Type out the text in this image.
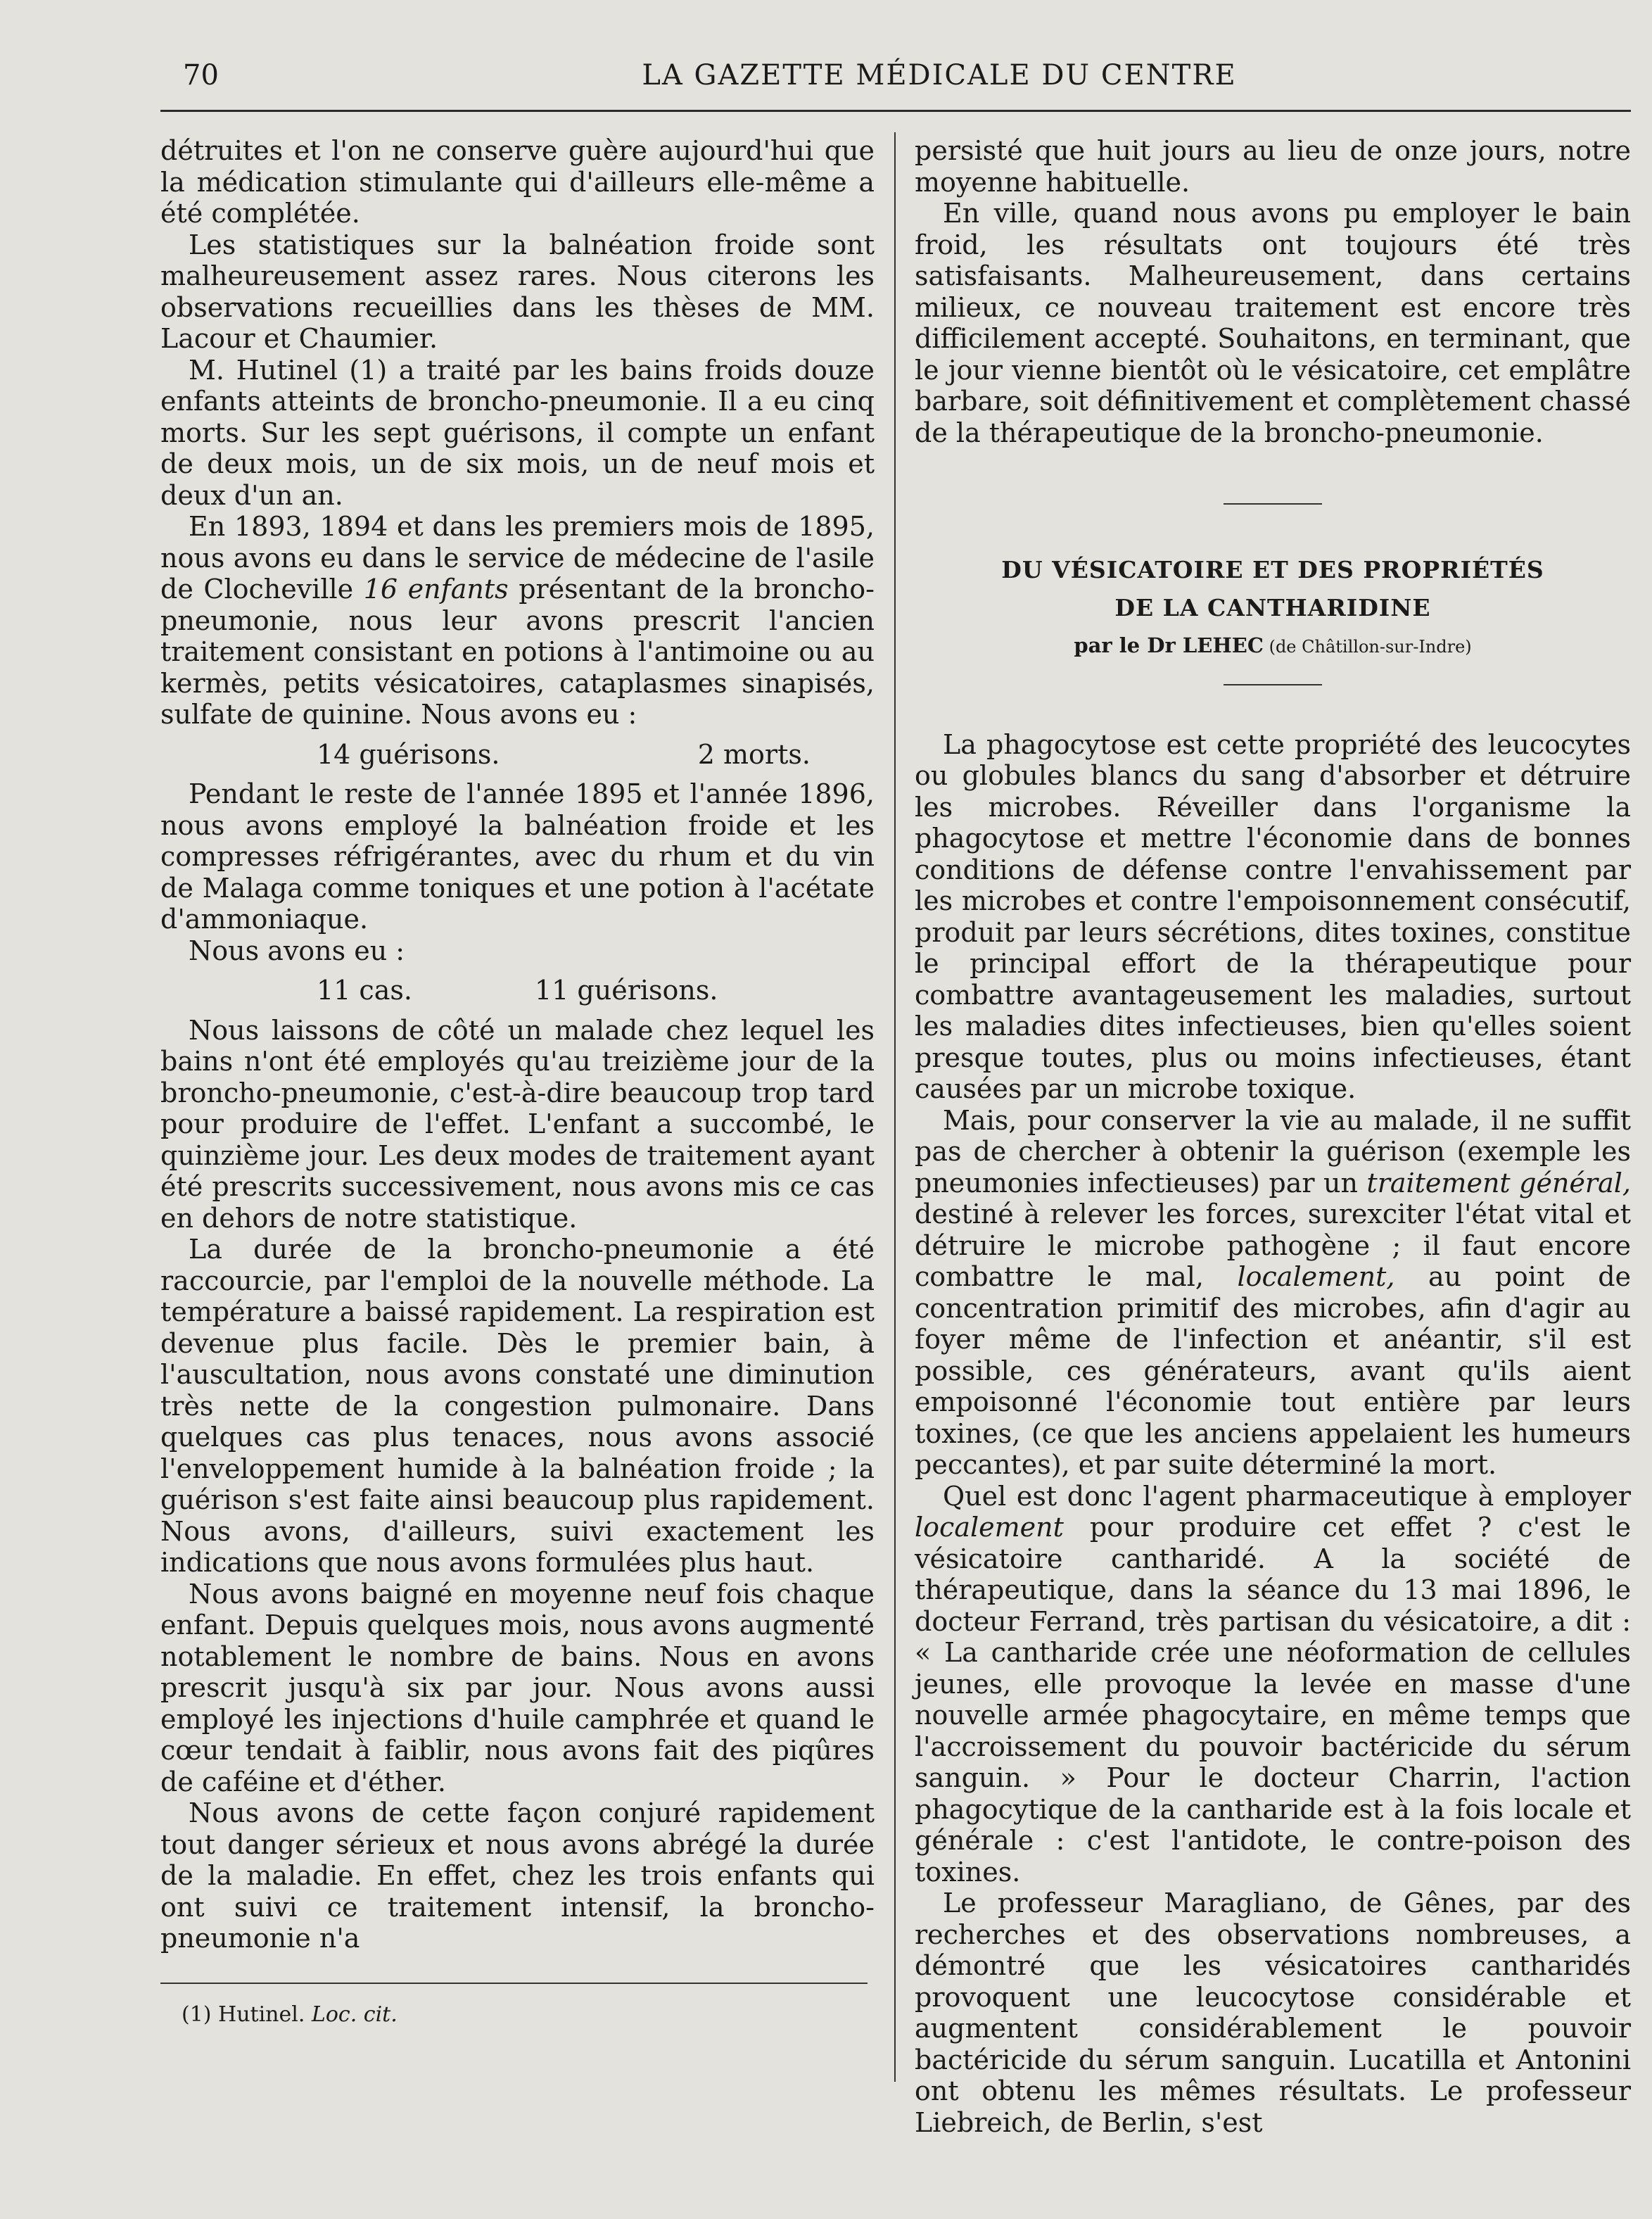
70	LA GAZETTE MÉDICALE DU CENTRE

détruites et l'on ne conserve guère aujourd'hui que la médication stimulante qui d'ailleurs elle-même a été complétée.

Les statistiques sur la balnéation froide sont malheureusement assez rares. Nous citerons les observations recueillies dans les thèses de MM. Lacour et Chaumier.

M. Hutinel (1) a traité par les bains froids douze enfants atteints de broncho-pneumonie. Il a eu cinq morts. Sur les sept guérisons, il compte un enfant de deux mois, un de six mois, un de neuf mois et deux d'un an.

En 1893, 1894 et dans les premiers mois de 1895, nous avons eu dans le service de médecine de l'asile de Clocheville 16 enfants présentant de la broncho-pneumonie, nous leur avons prescrit l'ancien traitement consistant en potions à l'antimoine ou au kermès, petits vésicatoires, cataplasmes sinapisés, sulfate de quinine. Nous avons eu :

14 guérisons.	2 morts.

Pendant le reste de l'année 1895 et l'année 1896, nous avons employé la balnéation froide et les compresses réfrigérantes, avec du rhum et du vin de Malaga comme toniques et une potion à l'acétate d'ammoniaque.

Nous avons eu :

11 cas.	11 guérisons.

Nous laissons de côté un malade chez lequel les bains n'ont été employés qu'au treizième jour de la broncho-pneumonie, c'est-à-dire beaucoup trop tard pour produire de l'effet. L'enfant a succombé, le quinzième jour. Les deux modes de traitement ayant été prescrits successivement, nous avons mis ce cas en dehors de notre statistique.

La durée de la broncho-pneumonie a été raccourcie, par l'emploi de la nouvelle méthode. La température a baissé rapidement. La respiration est devenue plus facile. Dès le premier bain, à l'auscultation, nous avons constaté une diminution très nette de la congestion pulmonaire. Dans quelques cas plus tenaces, nous avons associé l'enveloppement humide à la balnéation froide ; la guérison s'est faite ainsi beaucoup plus rapidement. Nous avons, d'ailleurs, suivi exactement les indications que nous avons formulées plus haut.

Nous avons baigné en moyenne neuf fois chaque enfant. Depuis quelques mois, nous avons augmenté notablement le nombre de bains. Nous en avons prescrit jusqu'à six par jour. Nous avons aussi employé les injections d'huile camphrée et quand le cœur tendait à faiblir, nous avons fait des piqûres de caféine et d'éther.

Nous avons de cette façon conjuré rapidement tout danger sérieux et nous avons abrégé la durée de la maladie. En effet, chez les trois enfants qui ont suivi ce traitement intensif, la broncho-pneumonie n'a

(1) Hutinel. Loc. cit.

persisté que huit jours au lieu de onze jours, notre moyenne habituelle.

En ville, quand nous avons pu employer le bain froid, les résultats ont toujours été très satisfaisants. Malheureusement, dans certains milieux, ce nouveau traitement est encore très difficilement accepté. Souhaitons, en terminant, que le jour vienne bientôt où le vésicatoire, cet emplâtre barbare, soit définitivement et complètement chassé de la thérapeutique de la broncho-pneumonie.

DU VÉSICATOIRE ET DES PROPRIÉTÉS
DE LA CANTHARIDINE
par le Dr LEHEC (de Châtillon-sur-Indre)

La phagocytose est cette propriété des leucocytes ou globules blancs du sang d'absorber et détruire les microbes. Réveiller dans l'organisme la phagocytose et mettre l'économie dans de bonnes conditions de défense contre l'envahissement par les microbes et contre l'empoisonnement consécutif, produit par leurs sécrétions, dites toxines, constitue le principal effort de la thérapeutique pour combattre avantageusement les maladies, surtout les maladies dites infectieuses, bien qu'elles soient presque toutes, plus ou moins infectieuses, étant causées par un microbe toxique.

Mais, pour conserver la vie au malade, il ne suffit pas de chercher à obtenir la guérison (exemple les pneumonies infectieuses) par un traitement général, destiné à relever les forces, surexciter l'état vital et détruire le microbe pathogène ; il faut encore combattre le mal, localement, au point de concentration primitif des microbes, afin d'agir au foyer même de l'infection et anéantir, s'il est possible, ces générateurs, avant qu'ils aient empoisonné l'économie tout entière par leurs toxines, (ce que les anciens appelaient les humeurs peccantes), et par suite déterminé la mort.

Quel est donc l'agent pharmaceutique à employer localement pour produire cet effet ? c'est le vésicatoire cantharidé. A la société de thérapeutique, dans la séance du 13 mai 1896, le docteur Ferrand, très partisan du vésicatoire, a dit : « La cantharide crée une néoformation de cellules jeunes, elle provoque la levée en masse d'une nouvelle armée phagocytaire, en même temps que l'accroissement du pouvoir bactéricide du sérum sanguin. » Pour le docteur Charrin, l'action phagocytique de la cantharide est à la fois locale et générale : c'est l'antidote, le contre-poison des toxines.

Le professeur Maragliano, de Gênes, par des recherches et des observations nombreuses, a démontré que les vésicatoires cantharidés provoquent une leucocytose considérable et augmentent considérablement le pouvoir bactéricide du sérum sanguin. Lucatilla et Antonini ont obtenu les mêmes résultats. Le professeur Liebreich, de Berlin, s'est
